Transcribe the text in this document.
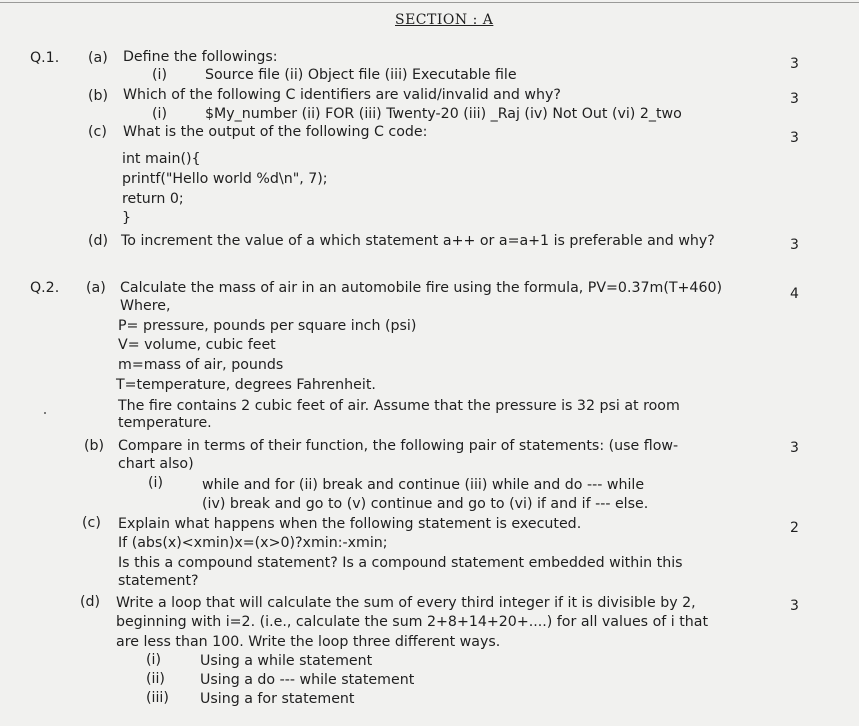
SECTION : A
Q.1. (a) Define the followings:	3
(i)	Source file (ii) Object file (iii) Executable file
(b) Which of the following C identifiers are valid/invalid and why?	3
(i)	$My_number (ii) FOR (iii) Twenty-20 (iii) _Raj (iv) Not Out (vi) 2_two
(c) What is the output of the following C code:	3
int main(){
printf("Hello world %d\n", 7);
return 0;
}
(d) To increment the value of a which statement a++ or a=a+1 is preferable and why?	3
Q.2. (a) Calculate the mass of air in an automobile fire using the formula, PV=0.37m(T+460)	4
Where,
P= pressure, pounds per square inch (psi)
V= volume, cubic feet
m=mass of air, pounds
T=temperature, degrees Fahrenheit.
The fire contains 2 cubic feet of air. Assume that the pressure is 32 psi at room
temperature.
(b) Compare in terms of their function, the following pair of statements: (use flow-
chart also)
3
(i)	while and for (ii) break and continue (iii) while and do --- while
(iv) break and go to (v) continue and go to (vi) if and if --- else.
(c) Explain what happens when the following statement is executed.	2
If (abs(x)<xmin)x=(x>0)?xmin:-xmin;
Is this a compound statement? Is a compound statement embedded within this
statement?
(d) Write a loop that will calculate the sum of every third integer if it is divisible by 2,	3
beginning with i=2. (i.e., calculate the sum 2+8+14+20+....) for all values of i that
are less than 100. Write the loop three different ways.
(i)	Using a while statement
(ii) Using a do --- while statement
(iii) Using a for statement
